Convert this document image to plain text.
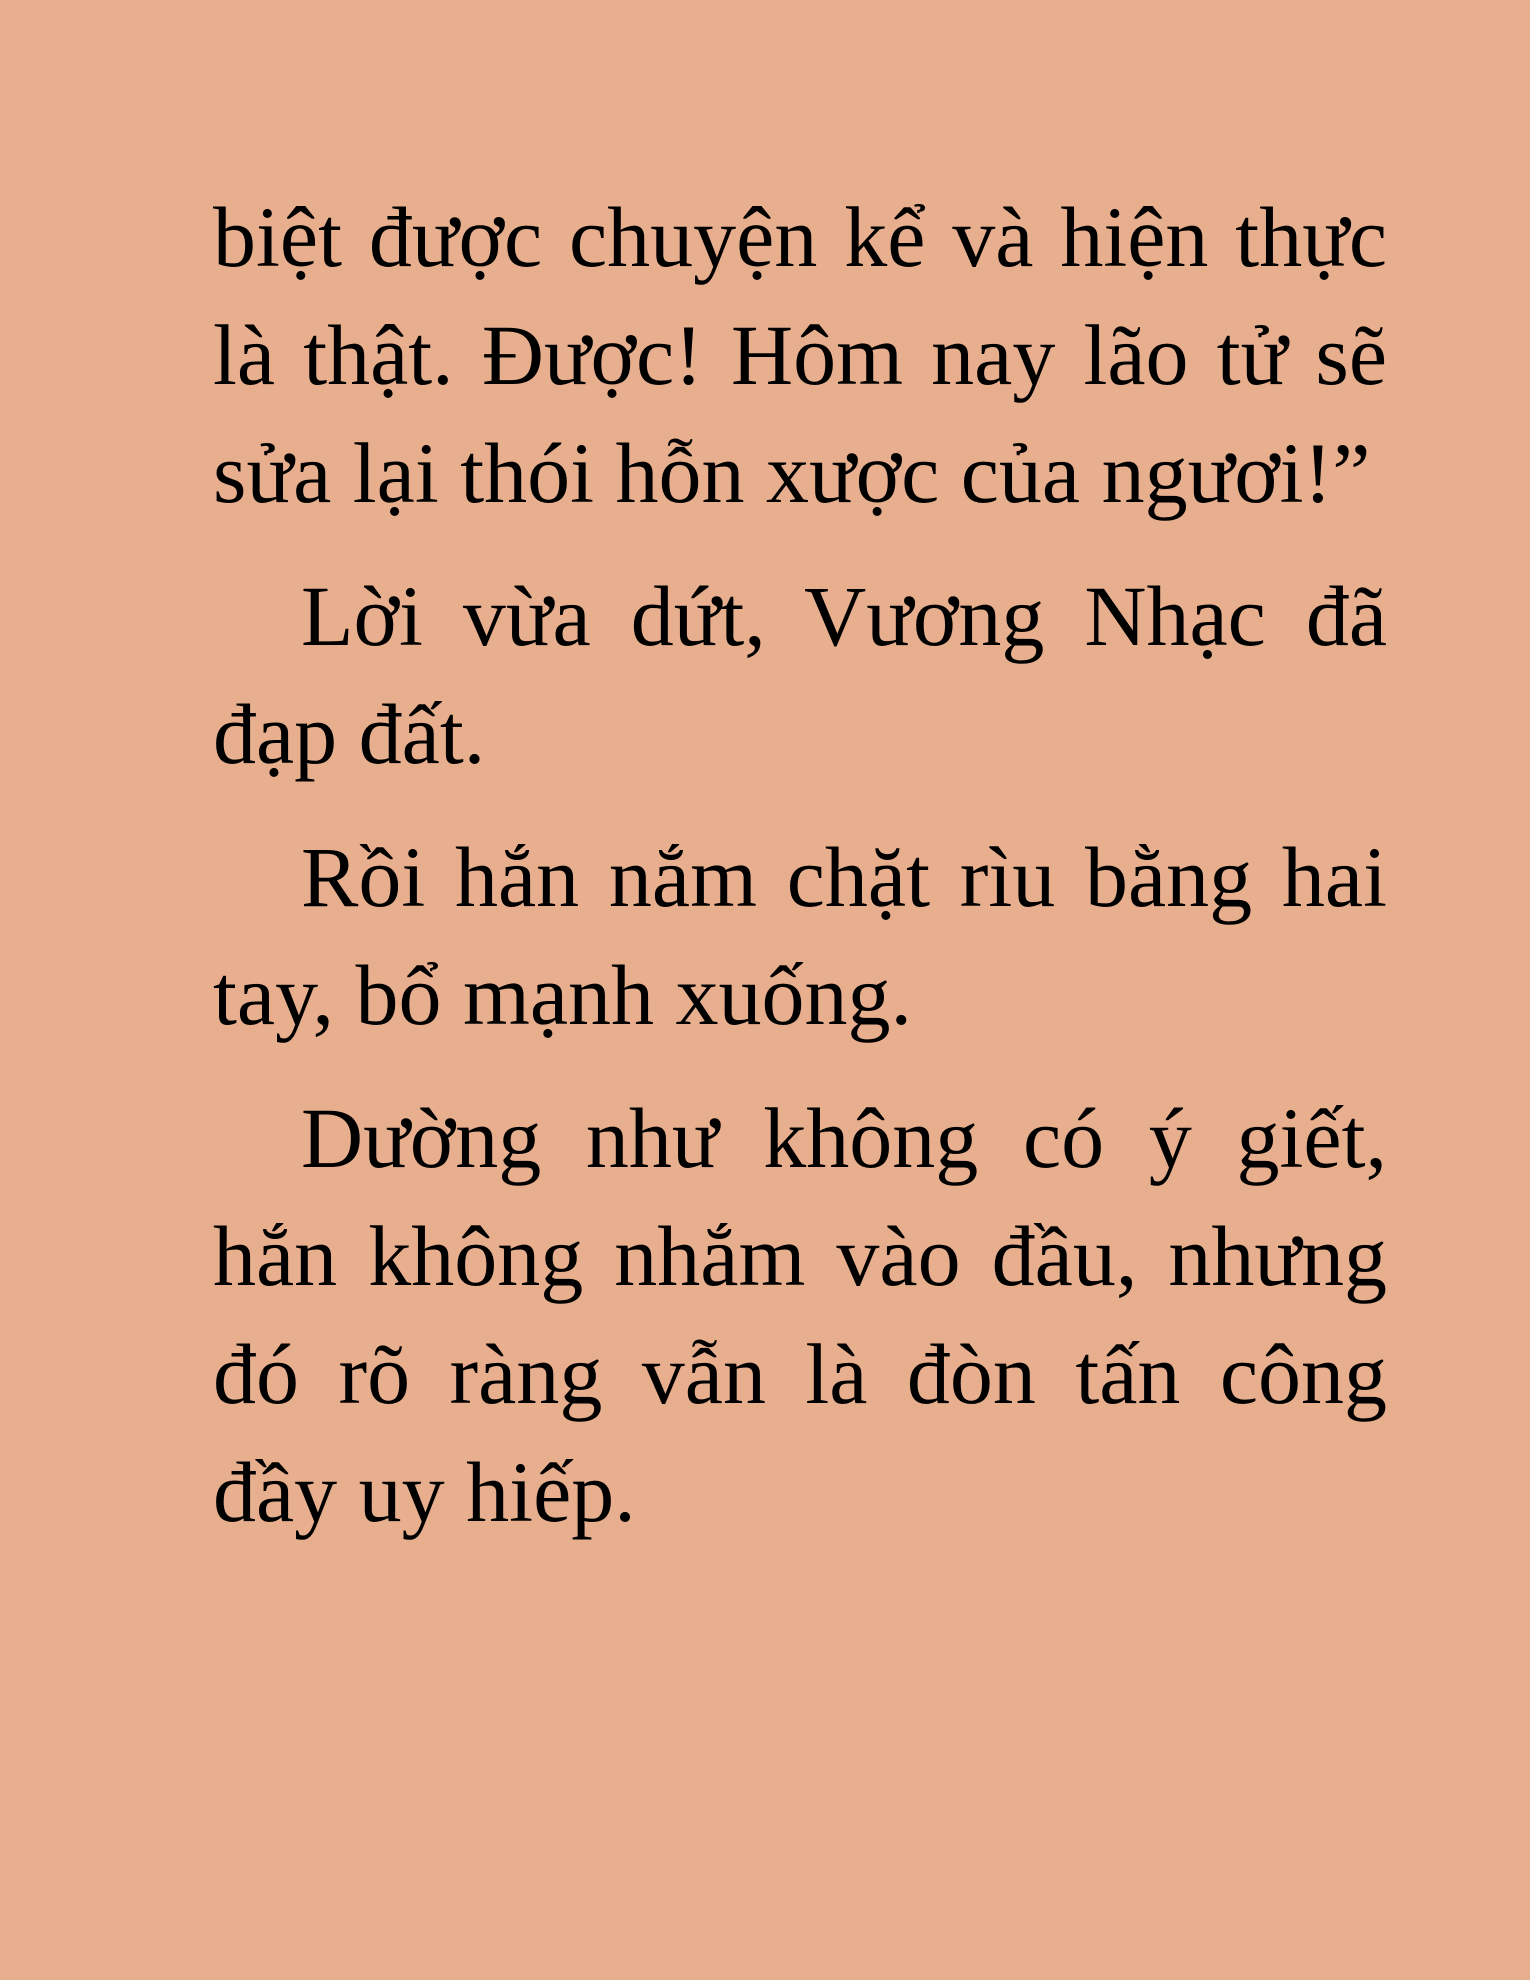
biệt được chuyện kể và hiện thực là thật. Được! Hôm nay lão tử sẽ sửa lại thói hỗn xược của ngươi!”

Lời vừa dứt, Vương Nhạc đã đạp đất.

Rồi hắn nắm chặt rìu bằng hai tay, bổ mạnh xuống.

Dường như không có ý giết, hắn không nhắm vào đầu, nhưng đó rõ ràng vẫn là đòn tấn công đầy uy hiếp.
